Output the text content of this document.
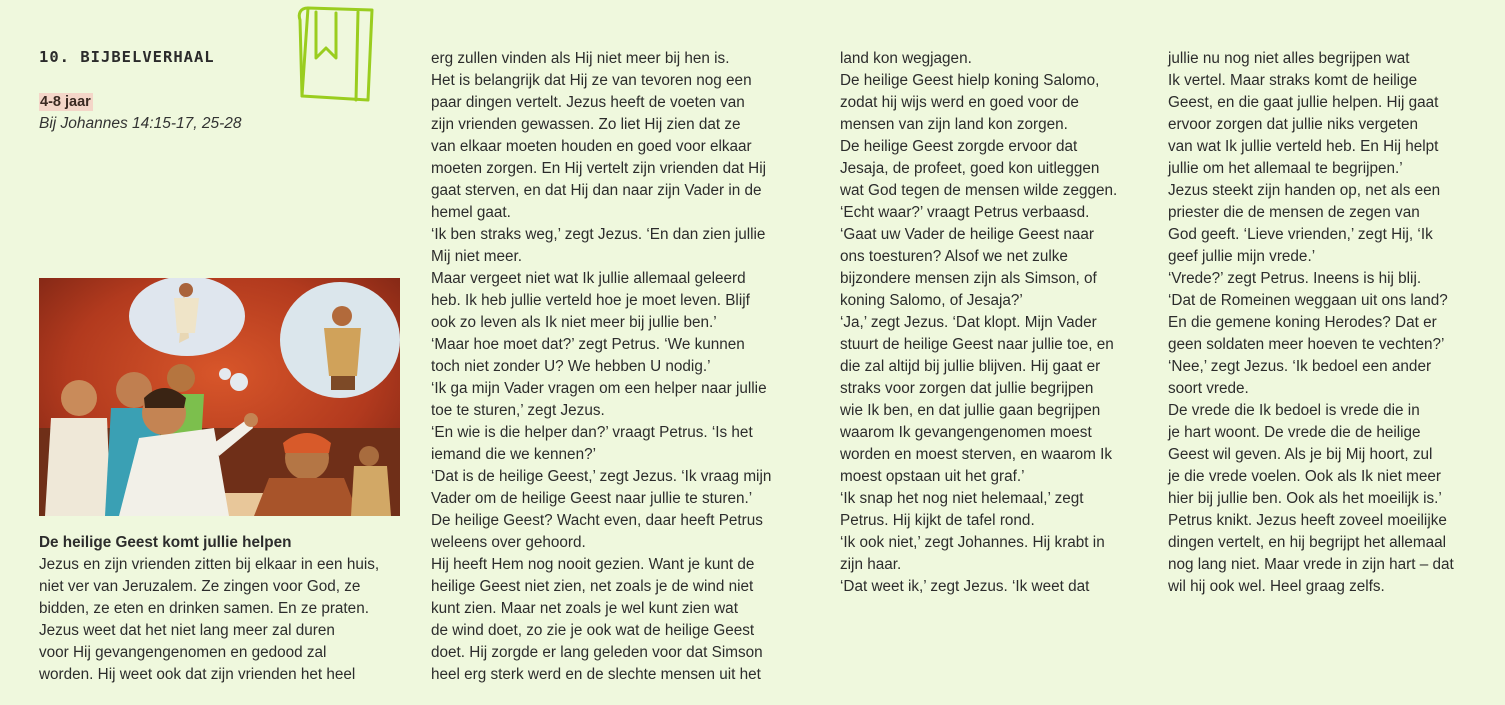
10. BIJBELVERHAAL
4-8 jaar
Bij Johannes 14:15-17, 25-28
De heilige Geest komt jullie helpen
Jezus en zijn vrienden zitten bij elkaar in een huis,
niet ver van Jeruzalem. Ze zingen voor God, ze
bidden, ze eten en drinken samen. En ze praten.
Jezus weet dat het niet lang meer zal duren
voor Hij gevangengenomen en gedood zal
worden. Hij weet ook dat zijn vrienden het heel
erg zullen vinden als Hij niet meer bij hen is.
Het is belangrijk dat Hij ze van tevoren nog een
paar dingen vertelt. Jezus heeft de voeten van
zijn vrienden gewassen. Zo liet Hij zien dat ze
van elkaar moeten houden en goed voor elkaar
moeten zorgen. En Hij vertelt zijn vrienden dat Hij
gaat sterven, en dat Hij dan naar zijn Vader in de
hemel gaat.
‘Ik ben straks weg,’ zegt Jezus. ‘En dan zien jullie
Mij niet meer.
Maar vergeet niet wat Ik jullie allemaal geleerd
heb. Ik heb jullie verteld hoe je moet leven. Blijf
ook zo leven als Ik niet meer bij jullie ben.’
‘Maar hoe moet dat?’ zegt Petrus. ‘We kunnen
toch niet zonder U? We hebben U nodig.’
‘Ik ga mijn Vader vragen om een helper naar jullie
toe te sturen,’ zegt Jezus.
‘En wie is die helper dan?’ vraagt Petrus. ‘Is het
iemand die we kennen?’
‘Dat is de heilige Geest,’ zegt Jezus. ‘Ik vraag mijn
Vader om de heilige Geest naar jullie te sturen.’
De heilige Geest? Wacht even, daar heeft Petrus
weleens over gehoord.
Hij heeft Hem nog nooit gezien. Want je kunt de
heilige Geest niet zien, net zoals je de wind niet
kunt zien. Maar net zoals je wel kunt zien wat
de wind doet, zo zie je ook wat de heilige Geest
doet. Hij zorgde er lang geleden voor dat Simson
heel erg sterk werd en de slechte mensen uit het
land kon wegjagen.
De heilige Geest hielp koning Salomo,
zodat hij wijs werd en goed voor de
mensen van zijn land kon zorgen.
De heilige Geest zorgde ervoor dat
Jesaja, de profeet, goed kon uitleggen
wat God tegen de mensen wilde zeggen.
‘Echt waar?’ vraagt Petrus verbaasd.
‘Gaat uw Vader de heilige Geest naar
ons toesturen? Alsof we net zulke
bijzondere mensen zijn als Simson, of
koning Salomo, of Jesaja?’
‘Ja,’ zegt Jezus. ‘Dat klopt. Mijn Vader
stuurt de heilige Geest naar jullie toe, en
die zal altijd bij jullie blijven. Hij gaat er
straks voor zorgen dat jullie begrijpen
wie Ik ben, en dat jullie gaan begrijpen
waarom Ik gevangengenomen moest
worden en moest sterven, en waarom Ik
moest opstaan uit het graf.’
‘Ik snap het nog niet helemaal,’ zegt
Petrus. Hij kijkt de tafel rond.
‘Ik ook niet,’ zegt Johannes. Hij krabt in
zijn haar.
‘Dat weet ik,’ zegt Jezus. ‘Ik weet dat
jullie nu nog niet alles begrijpen wat
Ik vertel. Maar straks komt de heilige
Geest, en die gaat jullie helpen. Hij gaat
ervoor zorgen dat jullie niks vergeten
van wat Ik jullie verteld heb. En Hij helpt
jullie om het allemaal te begrijpen.’
Jezus steekt zijn handen op, net als een
priester die de mensen de zegen van
God geeft. ‘Lieve vrienden,’ zegt Hij, ‘Ik
geef jullie mijn vrede.’
‘Vrede?’ zegt Petrus. Ineens is hij blij.
‘Dat de Romeinen weggaan uit ons land?
En die gemene koning Herodes? Dat er
geen soldaten meer hoeven te vechten?’
‘Nee,’ zegt Jezus. ‘Ik bedoel een ander
soort vrede.
De vrede die Ik bedoel is vrede die in
je hart woont. De vrede die de heilige
Geest wil geven. Als je bij Mij hoort, zul
je die vrede voelen. Ook als Ik niet meer
hier bij jullie ben. Ook als het moeilijk is.’
Petrus knikt. Jezus heeft zoveel moeilijke
dingen vertelt, en hij begrijpt het allemaal
nog lang niet. Maar vrede in zijn hart – dat
wil hij ook wel. Heel graag zelfs.
